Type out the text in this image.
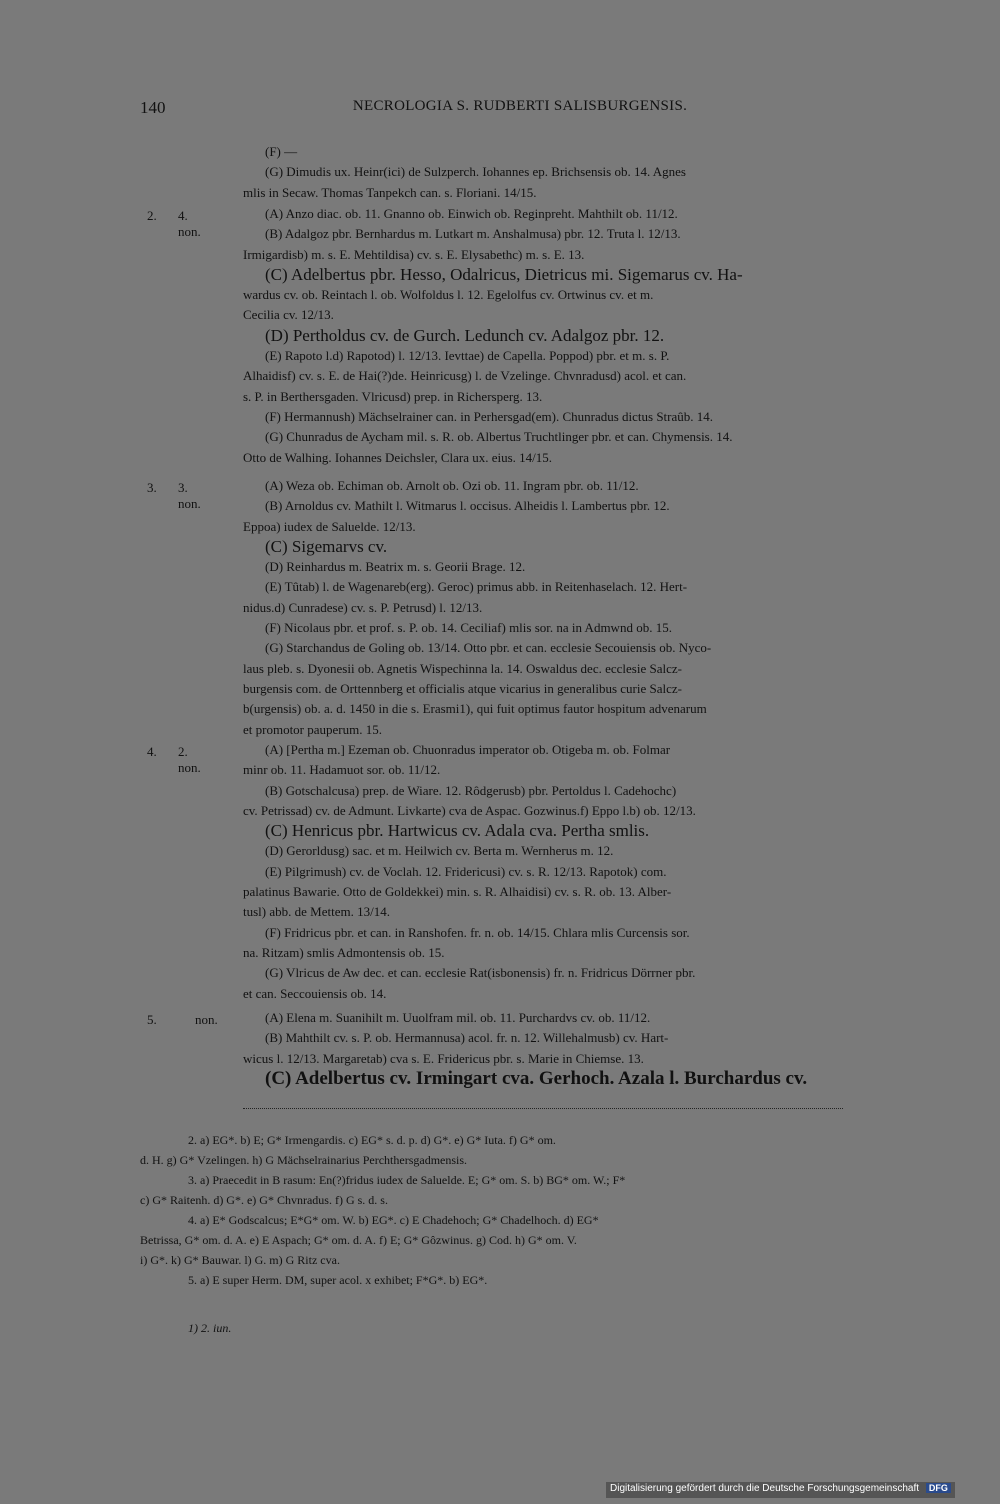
140	NECROLOGIA S. RUDBERTI SALISBURGENSIS.
(F) —
(G) Dimudis ux. Heinr(ici) de Sulzperch. Iohannes ep. Brichsensis ob. 14. Agnes
mlis in Secaw. Thomas Tanpekch can. s. Floriani. 14/15.
2. 4. non.
(A) Anzo diac. ob. 11. Gnanno ob. Einwich ob. Reginpreht. Mahthilt ob. 11/12.
(B) Adalgoz pbr. Bernhardus m. Lutkart m. Anshalmusa) pbr. 12. Truta l. 12/13.
Irmigardisb) m. s. E. Mehtildisa) cv. s. E. Elysabethc) m. s. E. 13.
(C) Adelbertus pbr. Hesso, Odalricus, Dietricus mi. Sigemarus cv. Ha-
wardus cv. ob. Reintach l. ob. Wolfoldus l. 12. Egelolfus cv. Ortwinus cv. et m.
Cecilia cv. 12/13.
(D) Pertholdus cv. de Gurch. Ledunch cv. Adalgoz pbr. 12.
(E) Rapoto l.d) Rapotod) l. 12/13. Ievttae) de Capella. Poppod) pbr. et m. s. P.
Alhaidisf) cv. s. E. de Hai(?)de. Heinricusg) l. de Vzelinge. Chvnradusd) acol. et can.
s. P. in Berthersgaden. Vlricusd) prep. in Richersperg. 13.
(F) Hermannush) Mächselrainer can. in Perhersgad(em). Chunradus dictus Straûb. 14.
(G) Chunradus de Aycham mil. s. R. ob. Albertus Truchtlinger pbr. et can. Chymensis. 14.
Otto de Walhing. Iohannes Deichsler, Clara ux. eius. 14/15.
3. 3. non.
(A) Weza ob. Echiman ob. Arnolt ob. Ozi ob. 11. Ingram pbr. ob. 11/12.
(B) Arnoldus cv. Mathilt l. Witmarus l. occisus. Alheidis l. Lambertus pbr. 12.
Eppoa) iudex de Saluelde. 12/13.
(C) Sigemarvs cv.
(D) Reinhardus m. Beatrix m. s. Georii Brage. 12.
(E) Tûtab) l. de Wagenareb(erg). Geroc) primus abb. in Reitenhaselach. 12. Hert-
nidus.d) Cunradese) cv. s. P. Petrusd) l. 12/13.
(F) Nicolaus pbr. et prof. s. P. ob. 14. Ceciliaf) mlis sor. na in Admwnd ob. 15.
(G) Starchandus de Goling ob. 13/14. Otto pbr. et can. ecclesie Secouiensis ob. Nyco-
laus pleb. s. Dyonesii ob. Agnetis Wispechinna la. 14. Oswaldus dec. ecclesie Salcz-
burgensis com. de Orttennberg et officialis atque vicarius in generalibus curie Salcz-
b(urgensis) ob. a. d. 1450 in die s. Erasmi1), qui fuit optimus fautor hospitum advenarum
et promotor pauperum. 15.
4. 2. non.
(A) [Pertha m.] Ezeman ob. Chuonradus imperator ob. Otigeba m. ob. Folmar
minr ob. 11. Hadamuot sor. ob. 11/12.
(B) Gotschalcusa) prep. de Wiare. 12. Rôdgerusb) pbr. Pertoldus l. Cadehochc)
cv. Petrissad) cv. de Admunt. Livkarte) cva de Aspac. Gozwinus.f) Eppo l.b) ob. 12/13.
(C) Henricus pbr. Hartwicus cv. Adala cva. Pertha smlis.
(D) Gerorldusg) sac. et m. Heilwich cv. Berta m. Wernherus m. 12.
(E) Pilgrimush) cv. de Voclah. 12. Fridericusi) cv. s. R. 12/13. Rapotok) com.
palatinus Bawarie. Otto de Goldekkei) min. s. R. Alhaidisi) cv. s. R. ob. 13. Alber-
tusl) abb. de Mettem. 13/14.
(F) Fridricus pbr. et can. in Ranshofen. fr. n. ob. 14/15. Chlara mlis Curcensis sor.
na. Ritzam) smlis Admontensis ob. 15.
(G) Vlricus de Aw dec. et can. ecclesie Rat(isbonensis) fr. n. Fridricus Dörrner pbr.
et can. Seccouiensis ob. 14.
5.	non.	(A) Elena m. Suanihilt m. Uuolfram mil. ob. 11. Purchardvs cv. ob. 11/12.
(B) Mahthilt cv. s. P. ob. Hermannusa) acol. fr. n. 12. Willehalmusb) cv. Hart-
wicus l. 12/13. Margaretab) cva s. E. Fridericus pbr. s. Marie in Chiemse. 13.
(C) Adelbertus cv. Irmingart cva. Gerhoch. Azala l. Burchardus cv.
2. a) EG*. b) E; G* Irmengardis. c) EG* s. d. p. d) G*. e) G* Iuta. f) G* om.
d. H. g) G* Vzelingen. h) G Mächselrainarius Perchthersgadmensis.
3. a) Praecedit in B rasum: En(?)fridus iudex de Saluelde. E; G* om. S. b) BG* om. W.; F*
c) G* Raitenh. d) G*. e) G* Chvnradus. f) G s. d. s.
4. a) E* Godscalcus; E*G* om. W. b) EG*. c) E Chadehoch; G* Chadelhoch. d) EG*
Betrissa, G* om. d. A. e) E Aspach; G* om. d. A. f) E; G* Gôzwinus. g) Cod. h) G* om. V.
i) G*. k) G* Bauwar. l) G. m) G Ritz cva.
5. a) E super Herm. DM, super acol. x exhibet; F*G*. b) EG*.
1) 2. iun.
Digitalisierung gefördert durch die Deutsche Forschungsgemeinschaft DFG
